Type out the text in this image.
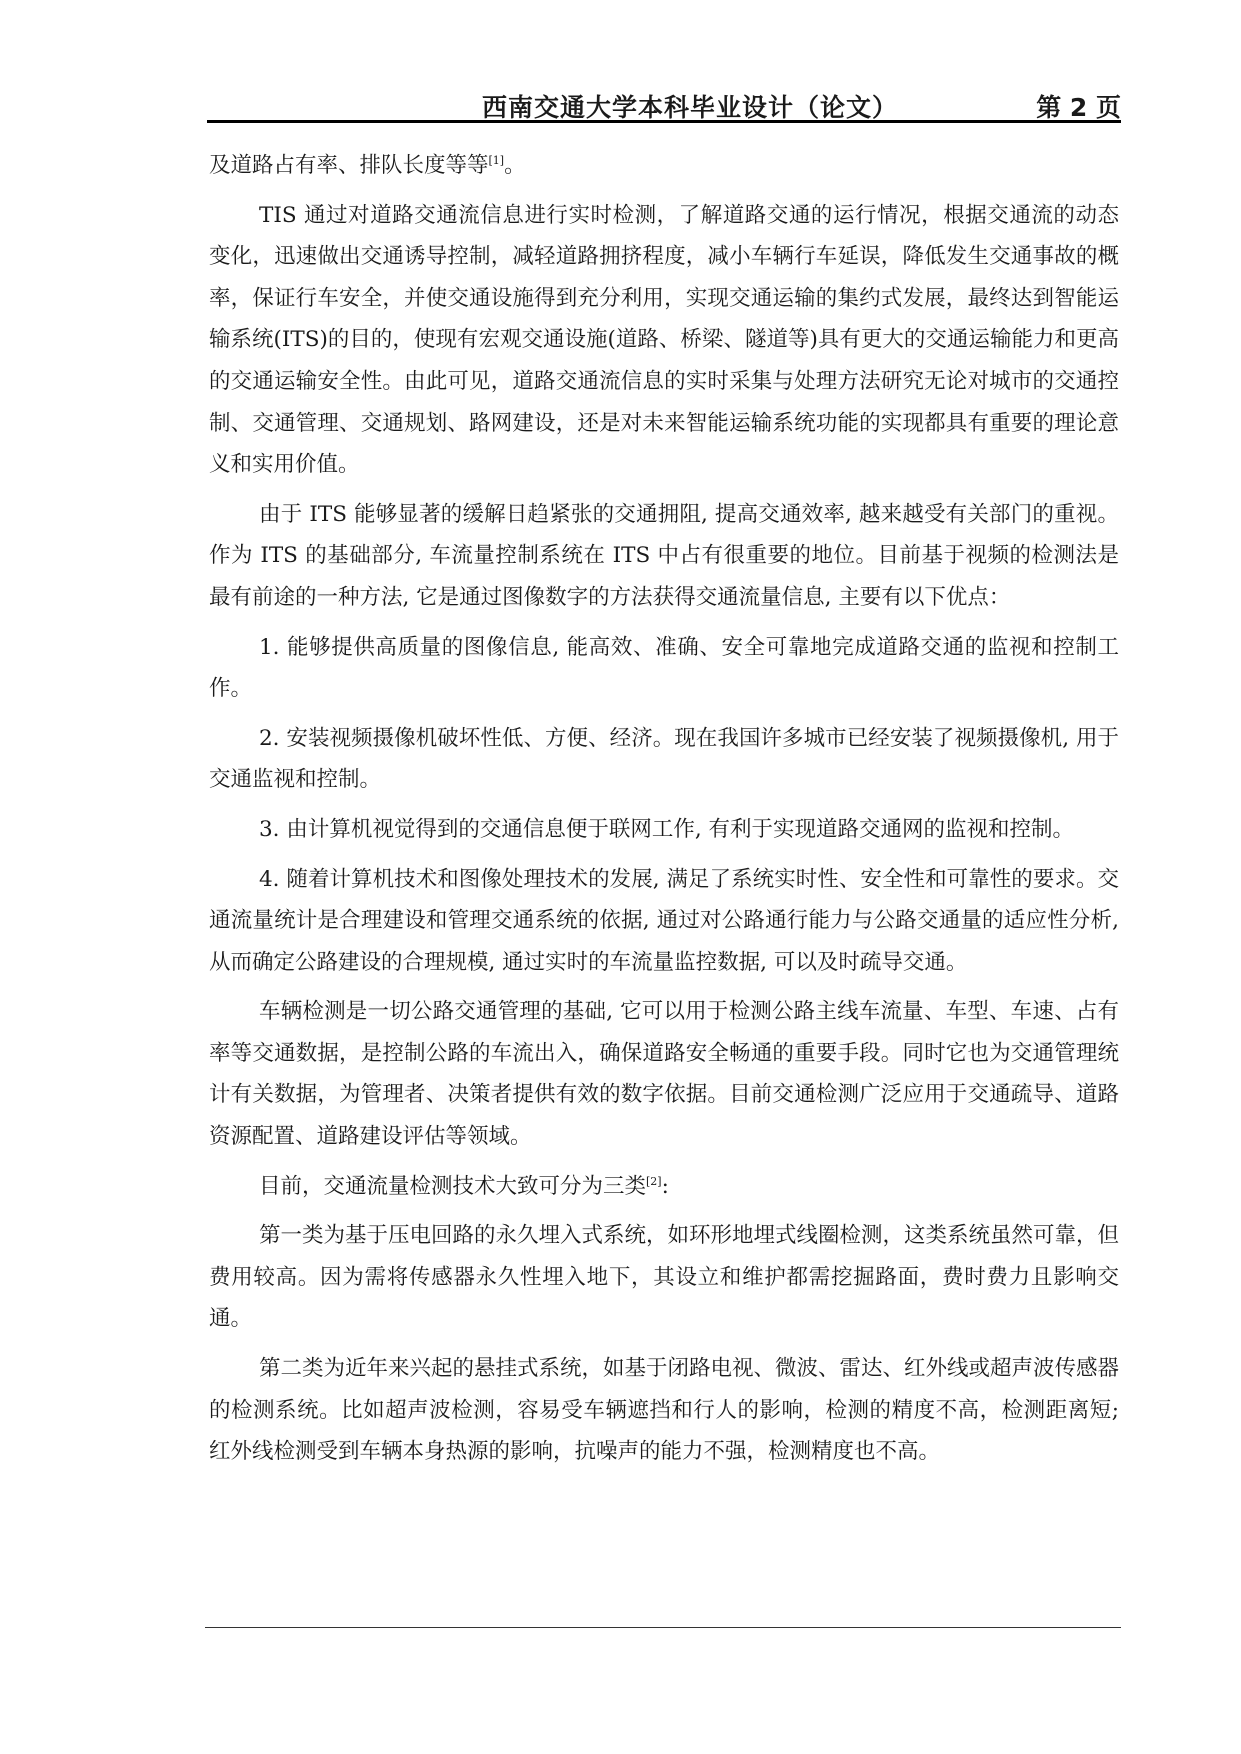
西南交通大学本科毕业设计（论文）	第 2 页

及道路占有率、排队长度等等[1]。

TIS 通过对道路交通流信息进行实时检测，了解道路交通的运行情况，根据交通流的动态变化，迅速做出交通诱导控制，减轻道路拥挤程度，减小车辆行车延误，降低发生交通事故的概率，保证行车安全，并使交通设施得到充分利用，实现交通运输的集约式发展，最终达到智能运输系统(ITS)的目的，使现有宏观交通设施(道路、桥梁、隧道等)具有更大的交通运输能力和更高的交通运输安全性。由此可见，道路交通流信息的实时采集与处理方法研究无论对城市的交通控制、交通管理、交通规划、路网建设，还是对未来智能运输系统功能的实现都具有重要的理论意义和实用价值。

由于 ITS 能够显著的缓解日趋紧张的交通拥阻, 提高交通效率, 越来越受有关部门的重视。作为 ITS 的基础部分, 车流量控制系统在 ITS 中占有很重要的地位。目前基于视频的检测法是最有前途的一种方法, 它是通过图像数字的方法获得交通流量信息, 主要有以下优点：

1. 能够提供高质量的图像信息, 能高效、准确、安全可靠地完成道路交通的监视和控制工作。

2. 安装视频摄像机破坏性低、方便、经济。现在我国许多城市已经安装了视频摄像机, 用于交通监视和控制。

3. 由计算机视觉得到的交通信息便于联网工作, 有利于实现道路交通网的监视和控制。

4. 随着计算机技术和图像处理技术的发展, 满足了系统实时性、安全性和可靠性的要求。交通流量统计是合理建设和管理交通系统的依据, 通过对公路通行能力与公路交通量的适应性分析, 从而确定公路建设的合理规模, 通过实时的车流量监控数据, 可以及时疏导交通。

车辆检测是一切公路交通管理的基础, 它可以用于检测公路主线车流量、车型、车速、占有率等交通数据，是控制公路的车流出入，确保道路安全畅通的重要手段。同时它也为交通管理统计有关数据，为管理者、决策者提供有效的数字依据。目前交通检测广泛应用于交通疏导、道路资源配置、道路建设评估等领域。

目前，交通流量检测技术大致可分为三类[2]:

第一类为基于压电回路的永久埋入式系统，如环形地埋式线圈检测，这类系统虽然可靠，但费用较高。因为需将传感器永久性埋入地下，其设立和维护都需挖掘路面，费时费力且影响交通。

第二类为近年来兴起的悬挂式系统，如基于闭路电视、微波、雷达、红外线或超声波传感器的检测系统。比如超声波检测，容易受车辆遮挡和行人的影响，检测的精度不高，检测距离短; 红外线检测受到车辆本身热源的影响，抗噪声的能力不强，检测精度也不高。
